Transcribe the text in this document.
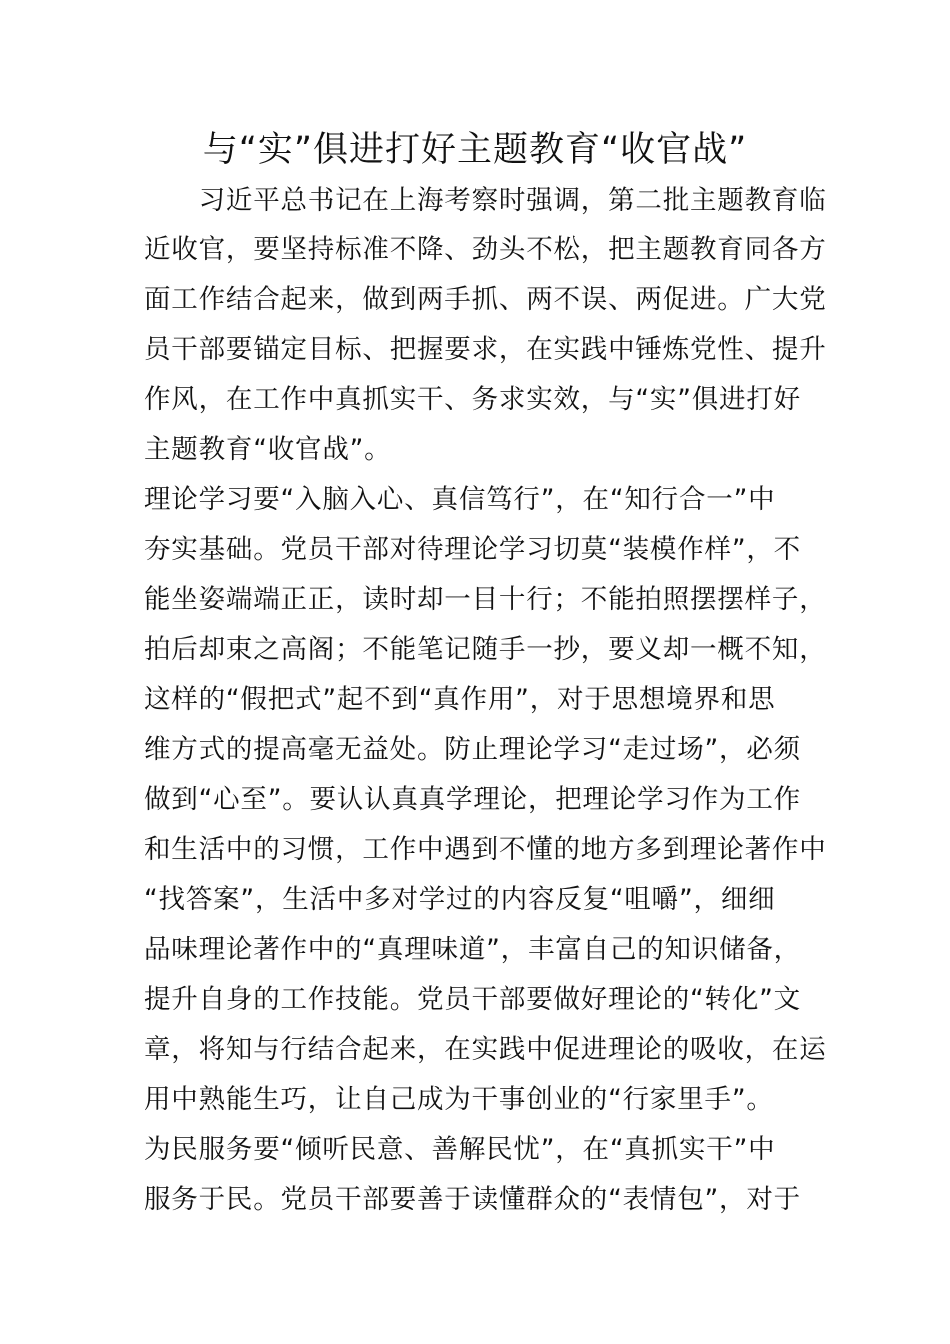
与“实”俱进打好主题教育“收官战”
　　习近平总书记在上海考察时强调，第二批主题教育临
近收官，要坚持标准不降、劲头不松，把主题教育同各方
面工作结合起来，做到两手抓、两不误、两促进。广大党
员干部要锚定目标、把握要求，在实践中锤炼党性、提升
作风，在工作中真抓实干、务求实效，与“实”俱进打好
主题教育“收官战”。
理论学习要“入脑入心、真信笃行”，在“知行合一”中
夯实基础。党员干部对待理论学习切莫“装模作样”，不
能坐姿端端正正，读时却一目十行；不能拍照摆摆样子，
拍后却束之高阁；不能笔记随手一抄，要义却一概不知，
这样的“假把式”起不到“真作用”，对于思想境界和思
维方式的提高毫无益处。防止理论学习“走过场”，必须
做到“心至”。要认认真真学理论，把理论学习作为工作
和生活中的习惯，工作中遇到不懂的地方多到理论著作中
“找答案”，生活中多对学过的内容反复“咀嚼”，细细
品味理论著作中的“真理味道”，丰富自己的知识储备，
提升自身的工作技能。党员干部要做好理论的“转化”文
章，将知与行结合起来，在实践中促进理论的吸收，在运
用中熟能生巧，让自己成为干事创业的“行家里手”。
为民服务要“倾听民意、善解民忧”，在“真抓实干”中
服务于民。党员干部要善于读懂群众的“表情包”，对于
